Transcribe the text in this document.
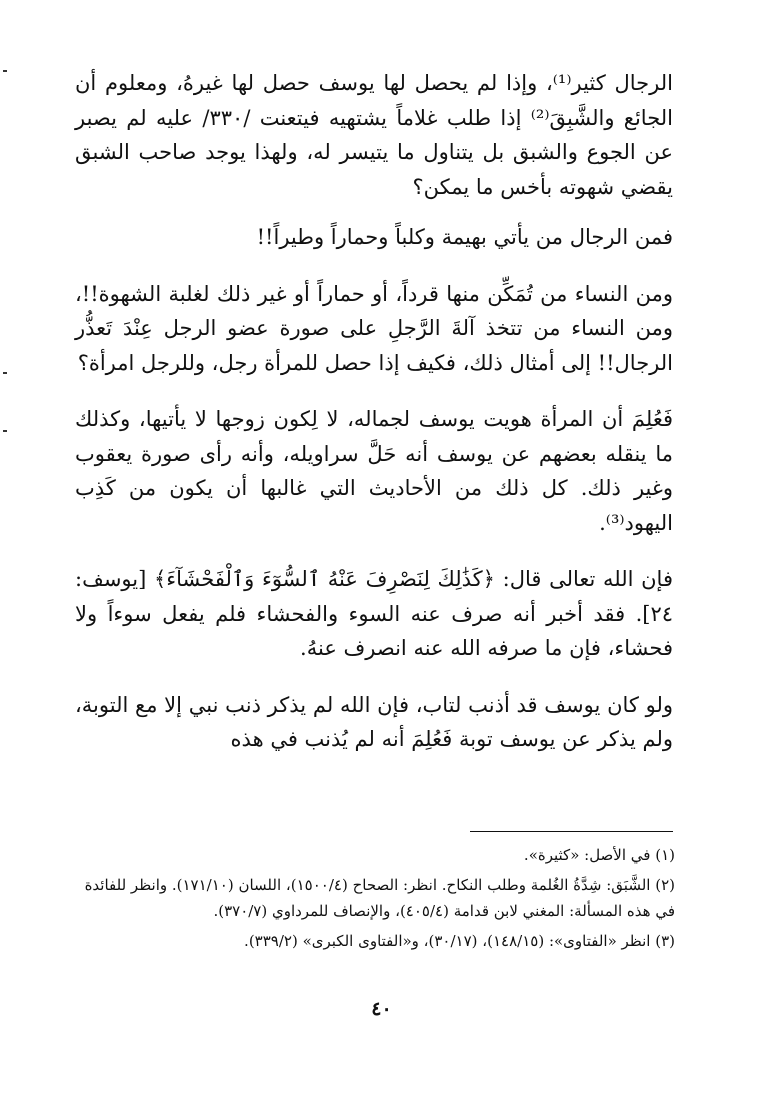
الرجال كثير⁽¹⁾، وإذا لم يحصل لها يوسف حصل لها غيرهُ، ومعلوم أن الجائع والشَّبِقَ⁽²⁾ إذا طلب غلاماً يشتهيه فيتعنت /٣٣٠/ عليه لم يصبر عن الجوع والشبق بل يتناول ما يتيسر له، ولهذا يوجد صاحب الشبق يقضي شهوته بأخس ما يمكن؟

فمن الرجال من يأتي بهيمة وكلباً وحماراً وطيراً!!

ومن النساء من تُمَكِّن منها قرداً، أو حماراً أو غير ذلك لغلبة الشهوة!!، ومن النساء من تتخذ آلةَ الرَّجلِ على صورة عضو الرجل عِنْدَ تَعذُّر الرجال!! إلى أمثال ذلك، فكيف إذا حصل للمرأة رجل، وللرجل امرأة؟

فَعُلِمَ أن المرأة هويت يوسف لجماله، لا لِكون زوجها لا يأتيها، وكذلك ما ينقله بعضهم عن يوسف أنه حَلَّ سراويله، وأنه رأى صورة يعقوب وغير ذلك. كل ذلك من الأحاديث التي غالبها أن يكون من كَذِب اليهود⁽³⁾.

فإن الله تعالى قال: ﴿كَذَٰلِكَ لِنَصْرِفَ عَنْهُ ٱلسُّوٓءَ وَٱلْفَحْشَآءَ﴾ [يوسف: ٢٤]. فقد أخبر أنه صرف عنه السوء والفحشاء فلم يفعل سوءاً ولا فحشاء، فإن ما صرفه الله عنه انصرف عنهُ.

ولو كان يوسف قد أذنب لتاب، فإن الله لم يذكر ذنب نبي إلا مع التوبة، ولم يذكر عن يوسف توبة فَعُلِمَ أنه لم يُذنب في هذه

(١) في الأصل: «كثيرة».

(٢) الشَّبَق: شِدَّةُ الغُلمة وطلب النكاح. انظر: الصحاح (١٥٠٠/٤)، اللسان (١٧١/١٠). وانظر للفائدة في هذه المسألة: المغني لابن قدامة (٤٠٥/٤)، والإنصاف للمرداوي (٣٧٠/٧).

(٣) انظر «الفتاوى»: (١٤٨/١٥)، (٣٠/١٧)، و«الفتاوى الكبرى» (٣٣٩/٢).

٤٠
